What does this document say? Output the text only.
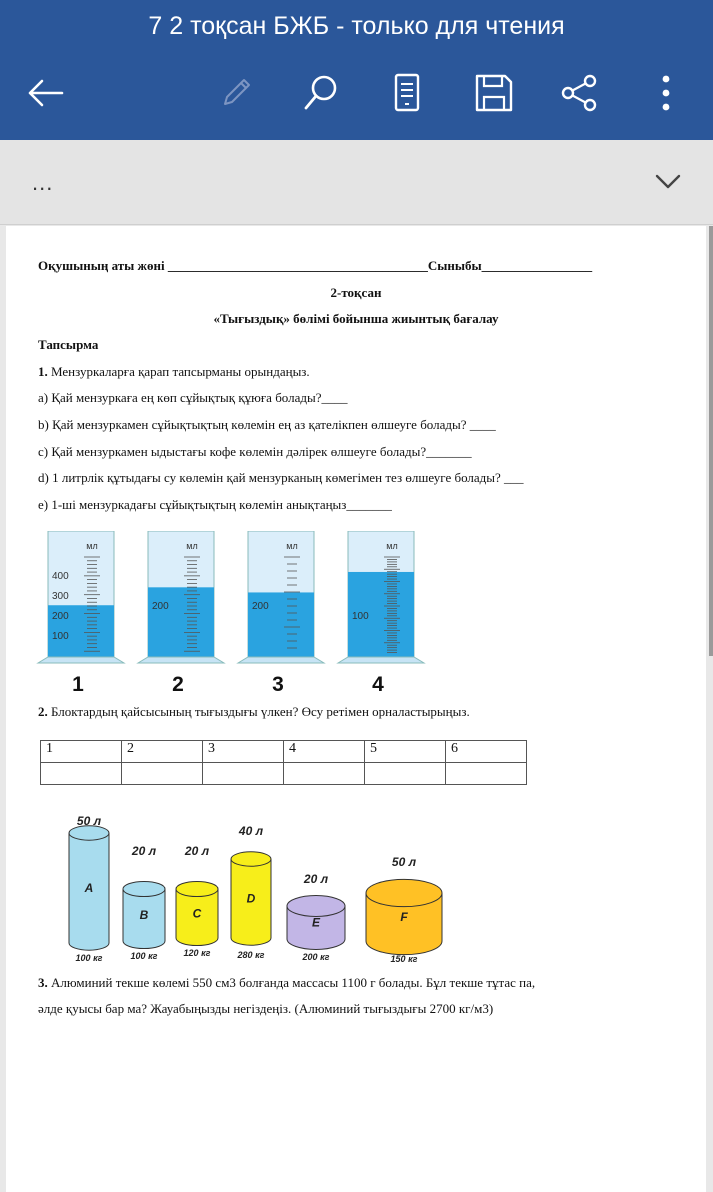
7 2 тоқсан БЖБ - только для чтения
...
Оқушының аты жөні ________________________________________Сыныбы_________________
2-тоқсан
«Тығыздық» бөлімі бойынша жиынтық бағалау
Тапсырма
1. Мензуркаларға қарап тапсырманы орындаңыз.
a) Қай мензуркаға ең көп сұйықтық құюға болады?____
b) Қай мензуркамен сұйықтықтың көлемін ең аз қателікпен өлшеуге болады? ____
c) Қай мензуркамен ыдыстағы кофе көлемін дәлірек өлшеуге болады?_______
d) 1 литрлік құтыдағы су көлемін қай мензурканың көмегімен тез өлшеуге болады? ___
e) 1-ші мензуркадағы сұйықтықтың көлемін анықтаңыз_______
мл
400
300
200
100
1
мл
200
2
мл
200
3
мл
100
4
2. Блоктардың қайсысының тығыздығы үлкен? Өсу ретімен орналастырыңыз.
1	2	3	4	5	6

A
50 л
100 кг
B
20 л
100 кг
C
20 л
120 кг
D
40 л
280 кг
E
20 л
200 кг
F
50 л
150 кг
3. Алюминий текше көлемі 550 см3 болғанда массасы 1100 г болады. Бұл текше тұтас па,
әлде қуысы бар ма? Жауабыңызды негіздеңіз. (Алюминий тығыздығы 2700 кг/м3)
